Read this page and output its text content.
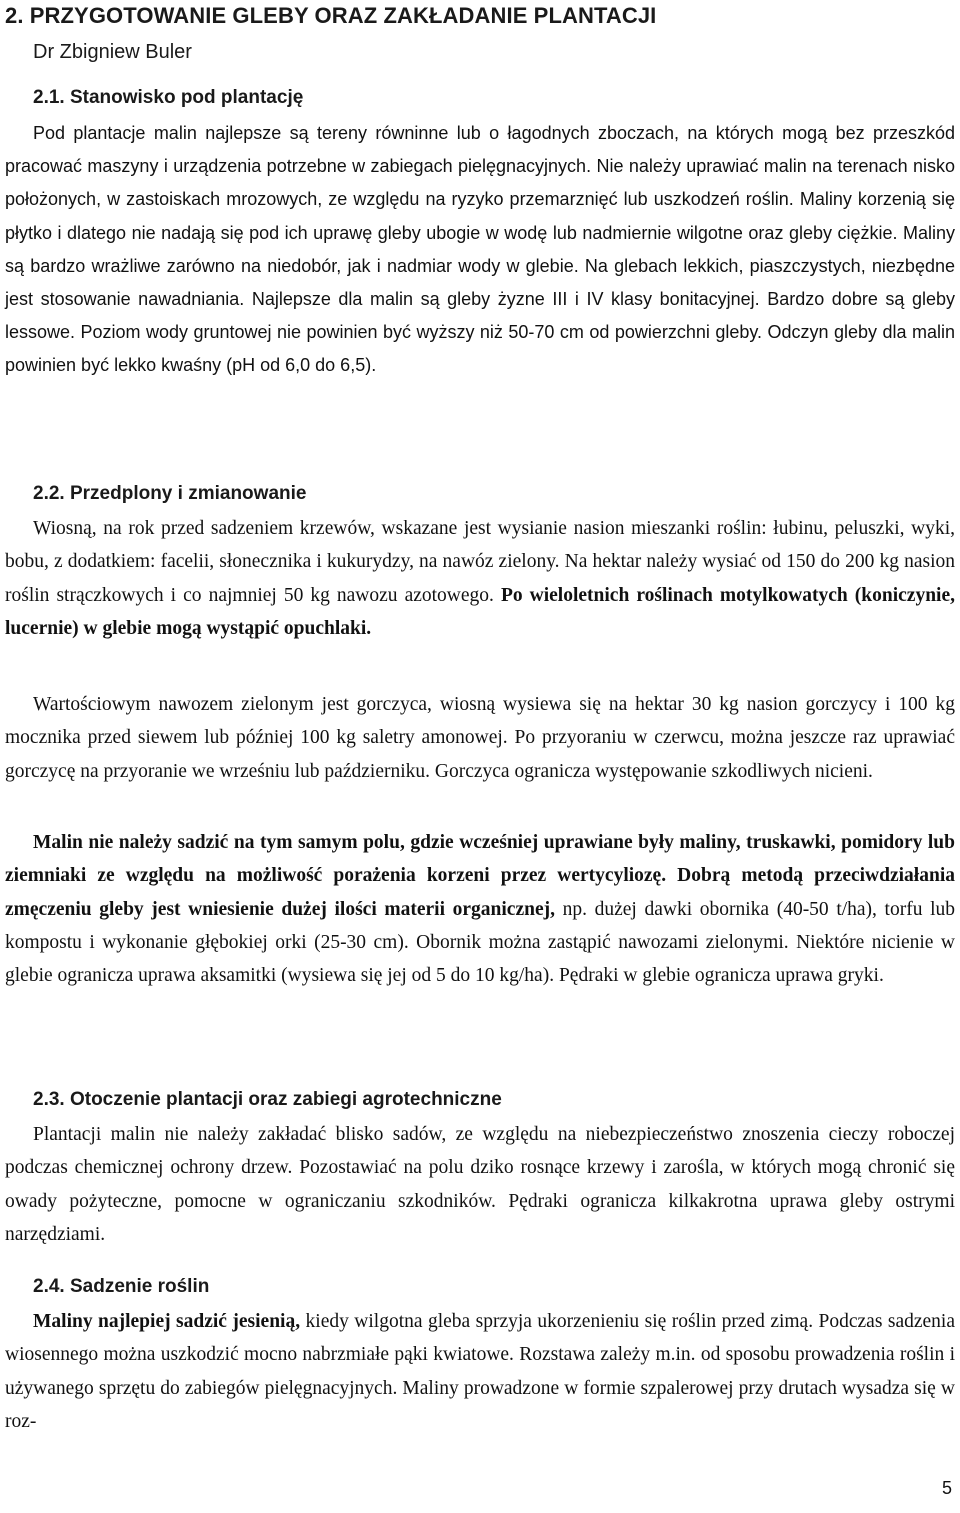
2. PRZYGOTOWANIE GLEBY ORAZ ZAKŁADANIE PLANTACJI
Dr Zbigniew Buler
2.1. Stanowisko pod plantację

Pod plantacje malin najlepsze są tereny równinne lub o łagodnych zboczach, na których mogą bez przeszkód pracować maszyny i urządzenia potrzebne w zabiegach pielęgnacyjnych. Nie należy uprawiać malin na terenach nisko położonych, w zastoiskach mrozowych, ze względu na ryzyko przemarznięć lub uszkodzeń roślin. Maliny korzenią się płytko i dlatego nie nadają się pod ich uprawę gleby ubogie w wodę lub nadmiernie wilgotne oraz gleby ciężkie. Maliny są bardzo wrażliwe zarówno na niedobór, jak i nadmiar wody w glebie. Na glebach lekkich, piaszczystych, niezbędne jest stosowanie nawadniania. Najlepsze dla malin są gleby żyzne III i IV klasy bonitacyjnej. Bardzo dobre są gleby lessowe. Poziom wody gruntowej nie powinien być wyższy niż 50-70 cm od powierzchni gleby. Odczyn gleby dla malin powinien być lekko kwaśny (pH od 6,0 do 6,5).

2.2. Przedplony i zmianowanie

Wiosną, na rok przed sadzeniem krzewów, wskazane jest wysianie nasion mieszanki roślin: łubinu, peluszki, wyki, bobu, z dodatkiem: facelii, słonecznika i kukurydzy, na nawóz zielony. Na hektar należy wysiać od 150 do 200 kg nasion roślin strączkowych i co najmniej 50 kg nawozu azotowego. Po wieloletnich roślinach motylkowatych (koniczynie, lucernie) w glebie mogą wystąpić opuchlaki.

Wartościowym nawozem zielonym jest gorczyca, wiosną wysiewa się na hektar 30 kg nasion gorczycy i 100 kg mocznika przed siewem lub później 100 kg saletry amonowej. Po przyoraniu w czerwcu, można jeszcze raz uprawiać gorczycę na przyoranie we wrześniu lub październiku. Gorczyca ogranicza występowanie szkodliwych nicieni.

Malin nie należy sadzić na tym samym polu, gdzie wcześniej uprawiane były maliny, truskawki, pomidory lub ziemniaki ze względu na możliwość porażenia korzeni przez wertycyliozę. Dobrą metodą przeciwdziałania zmęczeniu gleby jest wniesienie dużej ilości materii organicznej, np. dużej dawki obornika (40-50 t/ha), torfu lub kompostu i wykonanie głębokiej orki (25-30 cm). Obornik można zastąpić nawozami zielonymi. Niektóre nicienie w glebie ogranicza uprawa aksamitki (wysiewa się jej od 5 do 10 kg/ha). Pędraki w glebie ogranicza uprawa gryki.

2.3. Otoczenie plantacji oraz zabiegi agrotechniczne

Plantacji malin nie należy zakładać blisko sadów, ze względu na niebezpieczeństwo znoszenia cieczy roboczej podczas chemicznej ochrony drzew. Pozostawiać na polu dziko rosnące krzewy i zarośla, w których mogą chronić się owady pożyteczne, pomocne w ograniczaniu szkodników. Pędraki ogranicza kilkakrotna uprawa gleby ostrymi narzędziami.

2.4. Sadzenie roślin

Maliny najlepiej sadzić jesienią, kiedy wilgotna gleba sprzyja ukorzenieniu się roślin przed zimą. Podczas sadzenia wiosennego można uszkodzić mocno nabrzmiałe pąki kwiatowe. Rozstawa zależy m.in. od sposobu prowadzenia roślin i używanego sprzętu do zabiegów pielęgnacyjnych. Maliny prowadzone w formie szpalerowej przy drutach wysadza się w roz-

5
